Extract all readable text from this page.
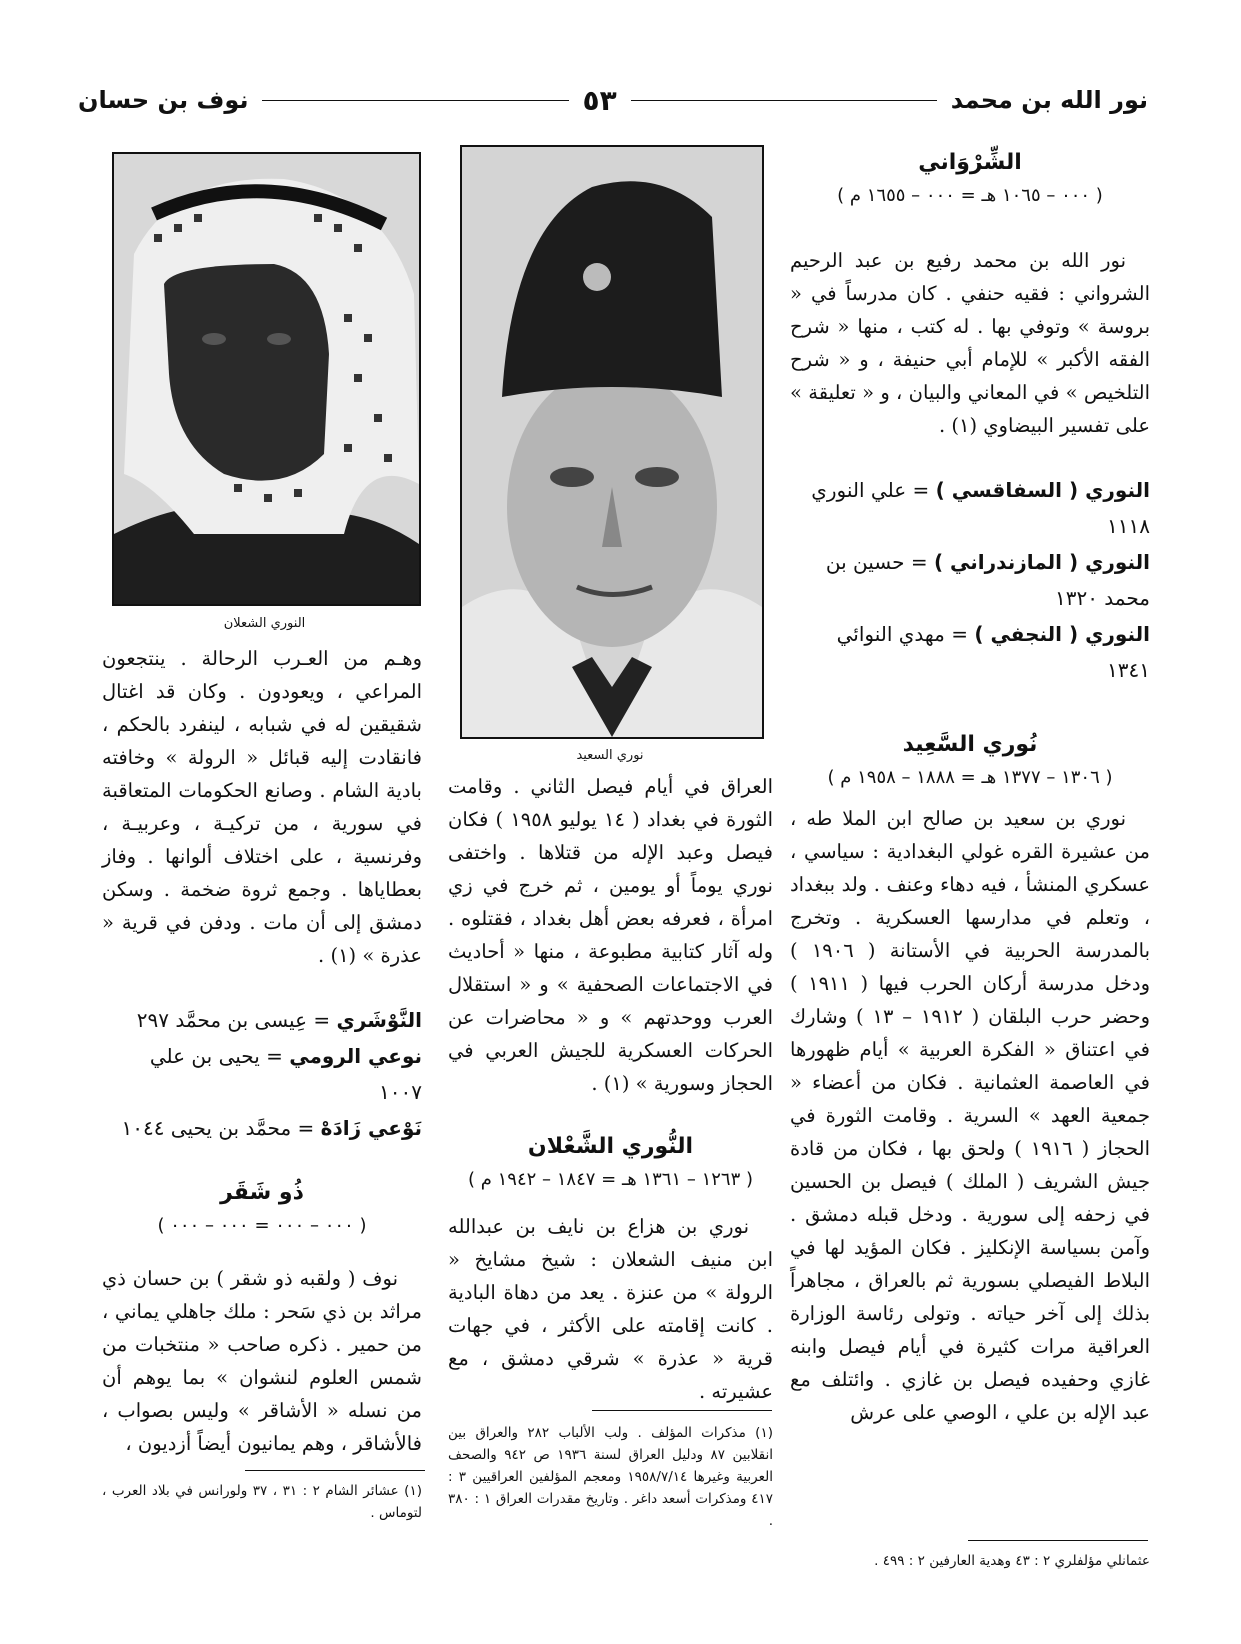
نور الله بن محمد
٥٣
نوف بن حسان
الشِّرْوَاني

( ٠٠٠ – ١٠٦٥ هـ = ٠٠٠ – ١٦٥٥ م )

نور الله بن محمد رفيع بن عبد الرحيم الشرواني : فقيه حنفي . كان مدرساً في « بروسة » وتوفي بها . له كتب ، منها « شرح الفقه الأكبر » للإمام أبي حنيفة ، و « شرح التلخيص » في المعاني والبيان ، و « تعليقة » على تفسير البيضاوي (١) .

النوري ( السفاقسي ) = علي النوري ١١١٨

النوري ( المازندراني ) = حسين بن محمد ١٣٢٠

النوري ( النجفي ) = مهدي النوائي ١٣٤١

نُوري السَّعِيد

( ١٣٠٦ – ١٣٧٧ هـ = ١٨٨٨ – ١٩٥٨ م )

نوري بن سعيد بن صالح ابن الملا طه ، من عشيرة القره غولي البغدادية : سياسي ، عسكري المنشأ ، فيه دهاء وعنف . ولد ببغداد ، وتعلم في مدارسها العسكرية . وتخرج بالمدرسة الحربية في الأستانة ( ١٩٠٦ ) ودخل مدرسة أركان الحرب فيها ( ١٩١١ ) وحضر حرب البلقان ( ١٩١٢ – ١٣ ) وشارك في اعتناق « الفكرة العربية » أيام ظهورها في العاصمة العثمانية . فكان من أعضاء « جمعية العهد » السرية . وقامت الثورة في الحجاز ( ١٩١٦ ) ولحق بها ، فكان من قادة جيش الشريف ( الملك ) فيصل بن الحسين في زحفه إلى سورية . ودخل قبله دمشق . وآمن بسياسة الإنكليز . فكان المؤيد لها في البلاط الفيصلي بسورية ثم بالعراق ، مجاهراً بذلك إلى آخر حياته . وتولى رئاسة الوزارة العراقية مرات كثيرة في أيام فيصل وابنه غازي وحفيده فيصل بن غازي . وائتلف مع عبد الإله بن علي ، الوصي على عرش

عثمانلي مؤلفلري ٢ : ٤٣ وهدية العارفين ٢ : ٤٩٩ .
نوري السعيد

العراق في أيام فيصل الثاني . وقامت الثورة في بغداد ( ١٤ يوليو ١٩٥٨ ) فكان فيصل وعبد الإله من قتلاها . واختفى نوري يوماً أو يومين ، ثم خرج في زي امرأة ، فعرفه بعض أهل بغداد ، فقتلوه . وله آثار كتابية مطبوعة ، منها « أحاديث في الاجتماعات الصحفية » و « استقلال العرب ووحدتهم » و « محاضرات عن الحركات العسكرية للجيش العربي في الحجاز وسورية » (١) .

النُّوري الشَّعْلان

( ١٢٦٣ – ١٣٦١ هـ = ١٨٤٧ – ١٩٤٢ م )

نوري بن هزاع بن نايف بن عبدالله ابن منيف الشعلان : شيخ مشايخ « الرولة » من عنزة . يعد من دهاة البادية . كانت إقامته على الأكثر ، في جهات قرية « عذرة » شرقي دمشق ، مع عشيرته .

(١) مذكرات المؤلف . ولب الألباب ٢٨٢ والعراق بين انقلابين ٨٧ ودليل العراق لسنة ١٩٣٦ ص ٩٤٢ والصحف العربية وغيرها ١٩٥٨/٧/١٤ ومعجم المؤلفين العراقيين ٣ : ٤١٧ ومذكرات أسعد داغر . وتاريخ مقدرات العراق ١ : ٣٨٠ .
النوري الشعلان

وهـم من العـرب الرحالة . ينتجعون المراعي ، ويعودون . وكان قد اغتال شقيقين له في شبابه ، لينفرد بالحكم ، فانقادت إليه قبائل « الرولة » وخافته بادية الشام . وصانع الحكومات المتعاقبة في سورية ، من تركيـة ، وعربيـة ، وفرنسية ، على اختلاف ألوانها . وفاز بعطاياها . وجمع ثروة ضخمة . وسكن دمشق إلى أن مات . ودفن في قرية « عذرة » (١) .

النَّوْشَري = عِيسى بن محمَّد ٢٩٧

نوعي الرومي = يحيى بن علي ١٠٠٧

نَوْعي زَادَهْ = محمَّد بن يحيى ١٠٤٤

ذُو شَقَر

( ٠٠٠ – ٠٠٠ = ٠٠٠ – ٠٠٠ )

نوف ( ولقبه ذو شقر ) بن حسان ذي مراثد بن ذي سَحر : ملك جاهلي يماني ، من حمير . ذكره صاحب « منتخبات من شمس العلوم لنشوان » بما يوهم أن من نسله « الأشاقر » وليس بصواب ، فالأشاقر ، وهم يمانيون أيضاً أزديون ،

(١) عشائر الشام ٢ : ٣١ ، ٣٧ ولورانس في بلاد العرب ، لتوماس .
